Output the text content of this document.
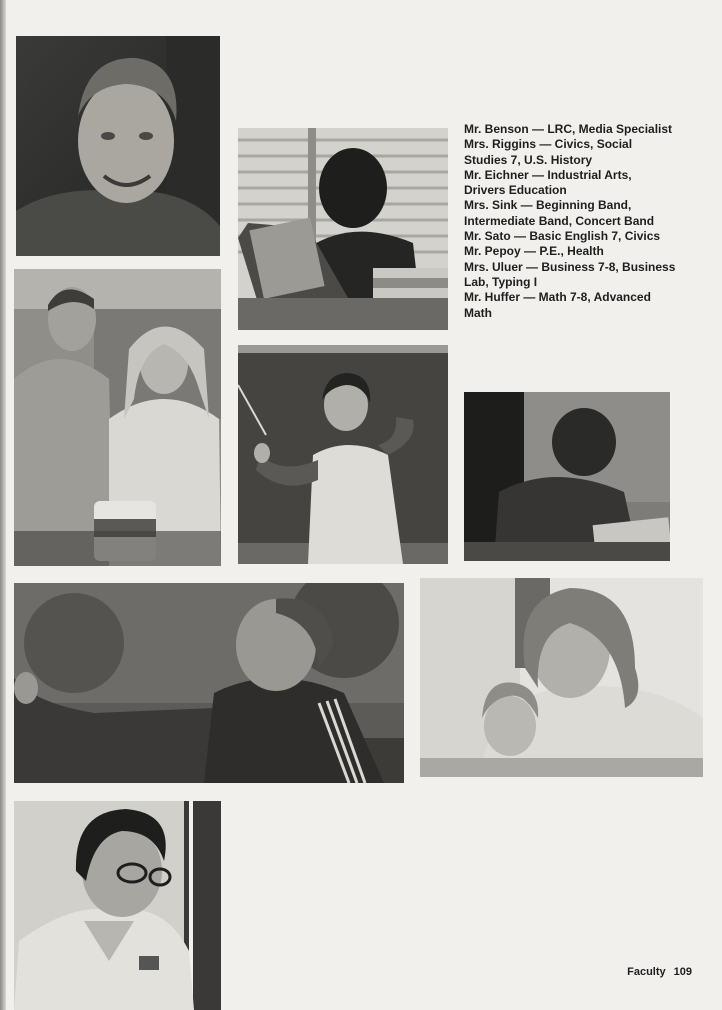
Mr. Benson — LRC, Media Specialist
Mrs. Riggins — Civics, Social Studies 7, U.S. History
Mr. Eichner — Industrial Arts, Drivers Education
Mrs. Sink — Beginning Band, Intermediate Band, Concert Band
Mr. Sato — Basic English 7, Civics
Mr. Pepoy — P.E., Health
Mrs. Uluer — Business 7-8, Business Lab, Typing I
Mr. Huffer — Math 7-8, Advanced Math
Faculty 109
